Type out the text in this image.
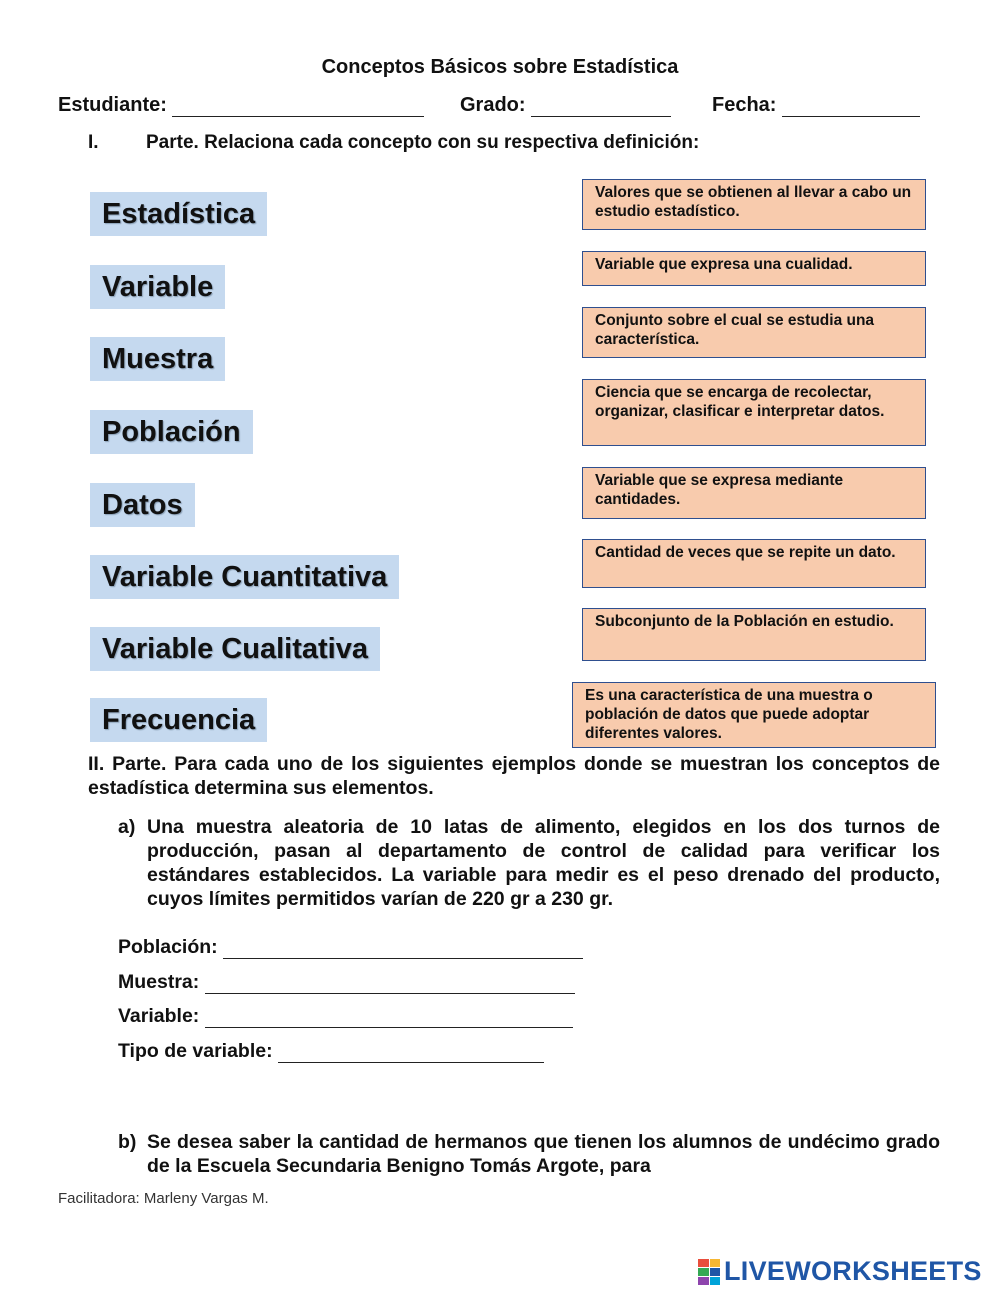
Conceptos Básicos sobre Estadística
Estudiante:	Grado:	Fecha:
I. Parte. Relaciona cada concepto con su respectiva definición:
Estadística
Variable
Muestra
Población
Datos
Variable Cuantitativa
Variable Cualitativa
Frecuencia
Valores que se obtienen al llevar a cabo un estudio estadístico.
Variable que expresa una cualidad.
Conjunto sobre el cual se estudia una característica.
Ciencia que se encarga de recolectar, organizar, clasificar e interpretar datos.
Variable que se expresa mediante cantidades.
Cantidad de veces que se repite un dato.
Subconjunto de la Población en estudio.
Es una característica de una muestra o población de datos que puede adoptar diferentes valores.
II. Parte. Para cada uno de los siguientes ejemplos donde se muestran los conceptos de estadística determina sus elementos.
a) Una muestra aleatoria de 10 latas de alimento, elegidos en los dos turnos de producción, pasan al departamento de control de calidad para verificar los estándares establecidos. La variable para medir es el peso drenado del producto, cuyos límites permitidos varían de 220 gr a 230 gr.
Población:
Muestra:
Variable:
Tipo de variable:
b) Se desea saber la cantidad de hermanos que tienen los alumnos de undécimo grado de la Escuela Secundaria Benigno Tomás Argote, para
Facilitadora: Marleny Vargas M.
LIVEWORKSHEETS
